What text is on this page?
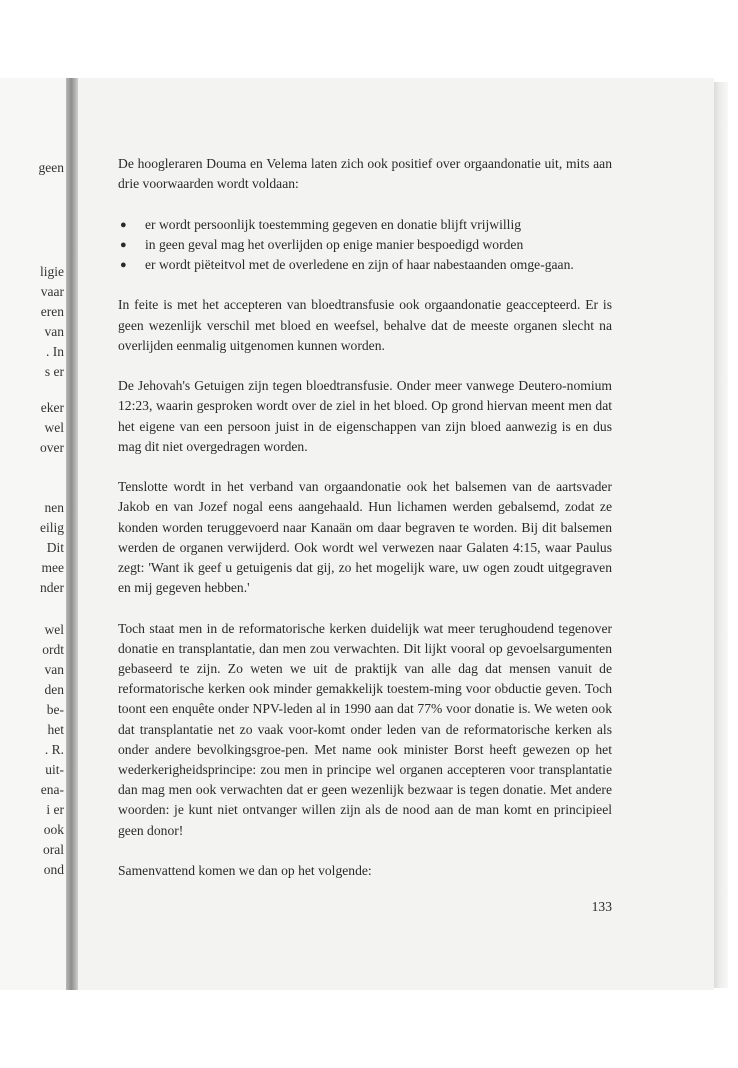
geen
ligie
vaar
eren
van
. In
s er
eker
wel
over
nen
eilig
Dit
mee
nder
wel
ordt
van
den
be-
het
. R.
uit-
ena-
i er
ook
oral
ond

De hoogleraren Douma en Velema laten zich ook positief over orgaandonatie uit, mits aan drie voorwaarden wordt voldaan:

● er wordt persoonlijk toestemming gegeven en donatie blijft vrijwillig
● in geen geval mag het overlijden op enige manier bespoedigd worden
● er wordt piëteitvol met de overledene en zijn of haar nabestaanden omge-gaan.

In feite is met het accepteren van bloedtransfusie ook orgaandonatie geaccepteerd. Er is geen wezenlijk verschil met bloed en weefsel, behalve dat de meeste organen slecht na overlijden eenmalig uitgenomen kunnen worden.

De Jehovah's Getuigen zijn tegen bloedtransfusie. Onder meer vanwege Deutero-nomium 12:23, waarin gesproken wordt over de ziel in het bloed. Op grond hiervan meent men dat het eigene van een persoon juist in de eigenschappen van zijn bloed aanwezig is en dus mag dit niet overgedragen worden.

Tenslotte wordt in het verband van orgaandonatie ook het balsemen van de aartsvader Jakob en van Jozef nogal eens aangehaald. Hun lichamen werden gebalsemd, zodat ze konden worden teruggevoerd naar Kanaän om daar begraven te worden. Bij dit balsemen werden de organen verwijderd. Ook wordt wel verwezen naar Galaten 4:15, waar Paulus zegt: 'Want ik geef u getuigenis dat gij, zo het mogelijk ware, uw ogen zoudt uitgegraven en mij gegeven hebben.'

Toch staat men in de reformatorische kerken duidelijk wat meer terughoudend tegenover donatie en transplantatie, dan men zou verwachten. Dit lijkt vooral op gevoelsargumenten gebaseerd te zijn. Zo weten we uit de praktijk van alle dag dat mensen vanuit de reformatorische kerken ook minder gemakkelijk toestem-ming voor obductie geven. Toch toont een enquête onder NPV-leden al in 1990 aan dat 77% voor donatie is. We weten ook dat transplantatie net zo vaak voor-komt onder leden van de reformatorische kerken als onder andere bevolkingsgroe-pen. Met name ook minister Borst heeft gewezen op het wederkerigheidsprincipe: zou men in principe wel organen accepteren voor transplantatie dan mag men ook verwachten dat er geen wezenlijk bezwaar is tegen donatie. Met andere woorden: je kunt niet ontvanger willen zijn als de nood aan de man komt en principieel geen donor!

Samenvattend komen we dan op het volgende:

133
